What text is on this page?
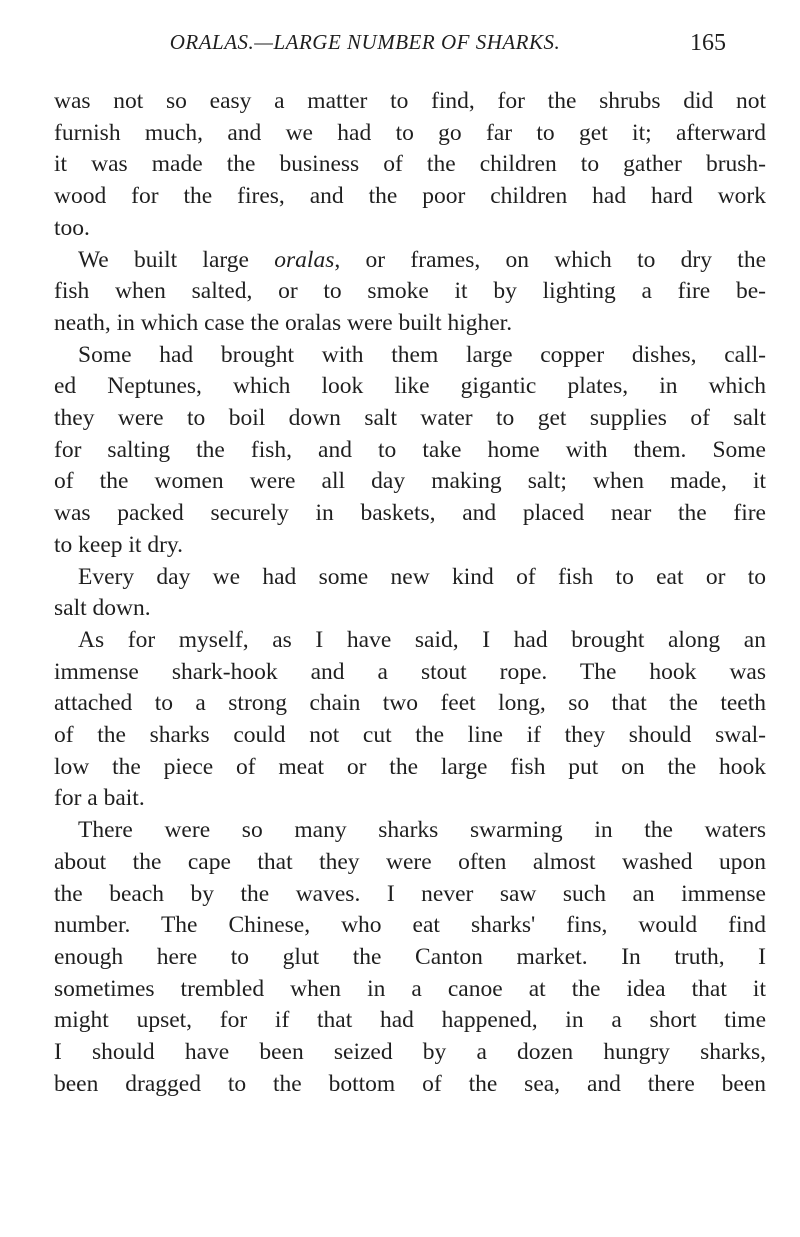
ORALAS.—LARGE NUMBER OF SHARKS.	165
was not so easy a matter to find, for the shrubs did not
furnish much, and we had to go far to get it; afterward
it was made the business of the children to gather brush-
wood for the fires, and the poor children had hard work
too.
We built large oralas, or frames, on which to dry the
fish when salted, or to smoke it by lighting a fire be-
neath, in which case the oralas were built higher.
Some had brought with them large copper dishes, call-
ed Neptunes, which look like gigantic plates, in which
they were to boil down salt water to get supplies of salt
for salting the fish, and to take home with them. Some
of the women were all day making salt; when made, it
was packed securely in baskets, and placed near the fire
to keep it dry.
Every day we had some new kind of fish to eat or to
salt down.
As for myself, as I have said, I had brought along an
immense shark-hook and a stout rope. The hook was
attached to a strong chain two feet long, so that the teeth
of the sharks could not cut the line if they should swal-
low the piece of meat or the large fish put on the hook
for a bait.
There were so many sharks swarming in the waters
about the cape that they were often almost washed upon
the beach by the waves. I never saw such an immense
number. The Chinese, who eat sharks' fins, would find
enough here to glut the Canton market. In truth, I
sometimes trembled when in a canoe at the idea that it
might upset, for if that had happened, in a short time
I should have been seized by a dozen hungry sharks,
been dragged to the bottom of the sea, and there been
